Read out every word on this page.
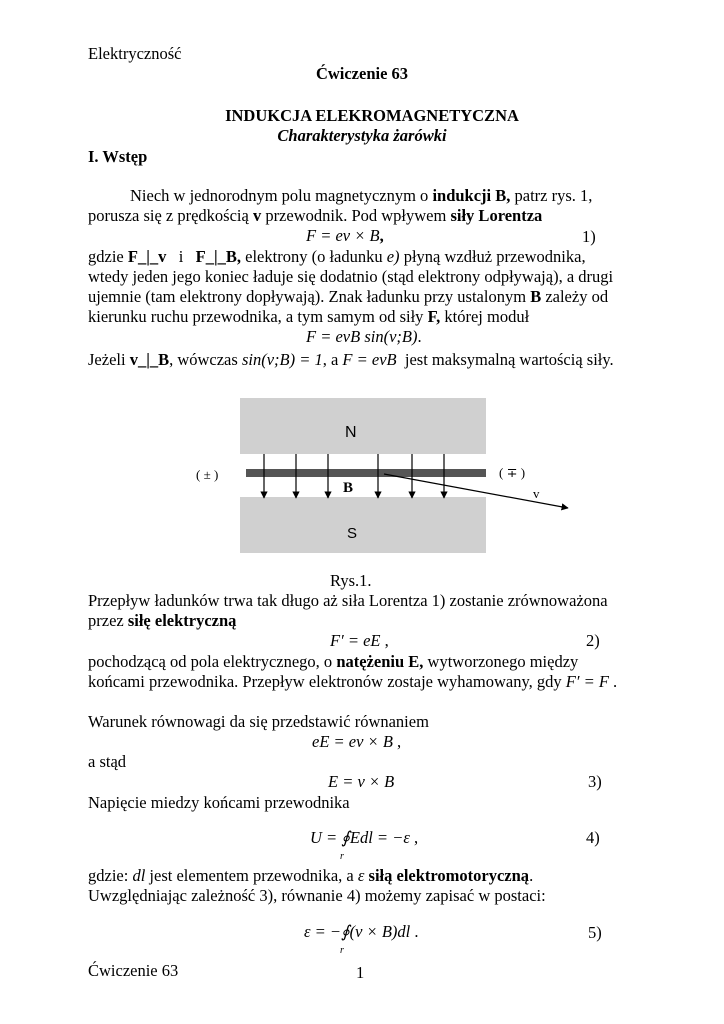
Elektryczność
Ćwiczenie 63
INDUKCJA ELEKROMAGNETYCZNA
Charakterystyka żarówki
I. Wstęp
Niech w jednorodnym polu magnetycznym o indukcji B, patrz rys. 1,
porusza się z prędkością v przewodnik. Pod wpływem siły Lorentza
F = ev × B,	1)
gdzie F_|_v   i   F_|_B, elektrony (o ładunku e) płyną wzdłuż przewodnika,
wtedy jeden jego koniec ładuje się dodatnio (stąd elektrony odpływają), a drugi
ujemnie (tam elektrony dopływają). Znak ładunku przy ustalonym B zależy od
kierunku ruchu przewodnika, a tym samym od siły F, której moduł
F = evB sin(v;B).
Jeżeli v_|_B, wówczas sin(v;B) = 1, a F = evB  jest maksymalną wartością siły.
N
S
( ± )	( ∓ )
B	v
Rys.1.
Przepływ ładunków trwa tak długo aż siła Lorentza 1) zostanie zrównoważona
przez siłę elektryczną
F′ = eE ,	2)
pochodzącą od pola elektrycznego, o natężeniu E, wytworzonego między
końcami przewodnika. Przepływ elektronów zostaje wyhamowany, gdy F′ = F .
Warunek równowagi da się przedstawić równaniem
eE = ev × B ,
a stąd
E = v × B	3)
Napięcie miedzy końcami przewodnika
U = ∮Edl = −ε ,
r
4)
gdzie: dl jest elementem przewodnika, a ε siłą elektromotoryczną.
Uwzględniając zależność 3), równanie 4) możemy zapisać w postaci:
ε = −∮(v × B)dl .
r
5)
Ćwiczenie 63	1
